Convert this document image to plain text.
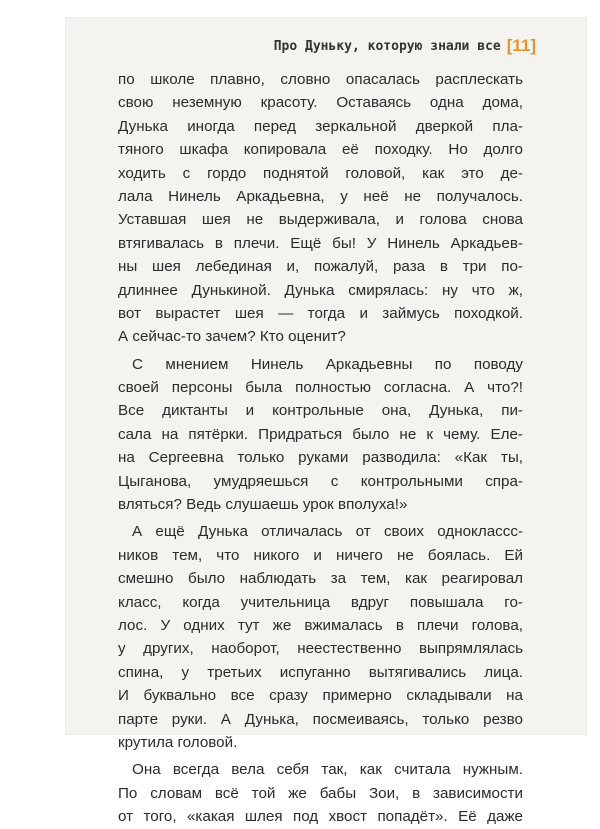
Про Дуньку, которую знали все [11]
по школе плавно, словно опасалась расплескать
свою неземную красоту. Оставаясь одна дома,
Дунька иногда перед зеркальной дверкой пла-
тяного шкафа копировала её походку. Но долго
ходить с гордо поднятой головой, как это де-
лала Нинель Аркадьевна, у неё не получалось.
Уставшая шея не выдерживала, и голова снова
втягивалась в плечи. Ещё бы! У Нинель Аркадьев-
ны шея лебединая и, пожалуй, раза в три по-
длиннее Дунькиной. Дунька смирялась: ну что ж,
вот вырастет шея — тогда и займусь походкой.
А сейчас-то зачем? Кто оценит?
С мнением Нинель Аркадьевны по поводу
своей персоны была полностью согласна. А что?!
Все диктанты и контрольные она, Дунька, пи-
сала на пятёрки. Придраться было не к чему. Еле-
на Сергеевна только руками разводила: «Как ты,
Цыганова, умудряешься с контрольными спра-
вляться? Ведь слушаешь урок вполуха!»
А ещё Дунька отличалась от своих одноклассс-
ников тем, что никого и ничего не боялась. Ей
смешно было наблюдать за тем, как реагировал
класс, когда учительница вдруг повышала го-
лос. У одних тут же вжималась в плечи голова,
у других, наоборот, неестественно выпрямлялась
спина, у третьих испуганно вытягивались лица.
И буквально все сразу примерно складывали на
парте руки. А Дунька, посмеиваясь, только резво
крутила головой.
Она всегда вела себя так, как считала нужным.
По словам всё той же бабы Зои, в зависимости
от того, «какая шлея под хвост попадёт». Её даже
